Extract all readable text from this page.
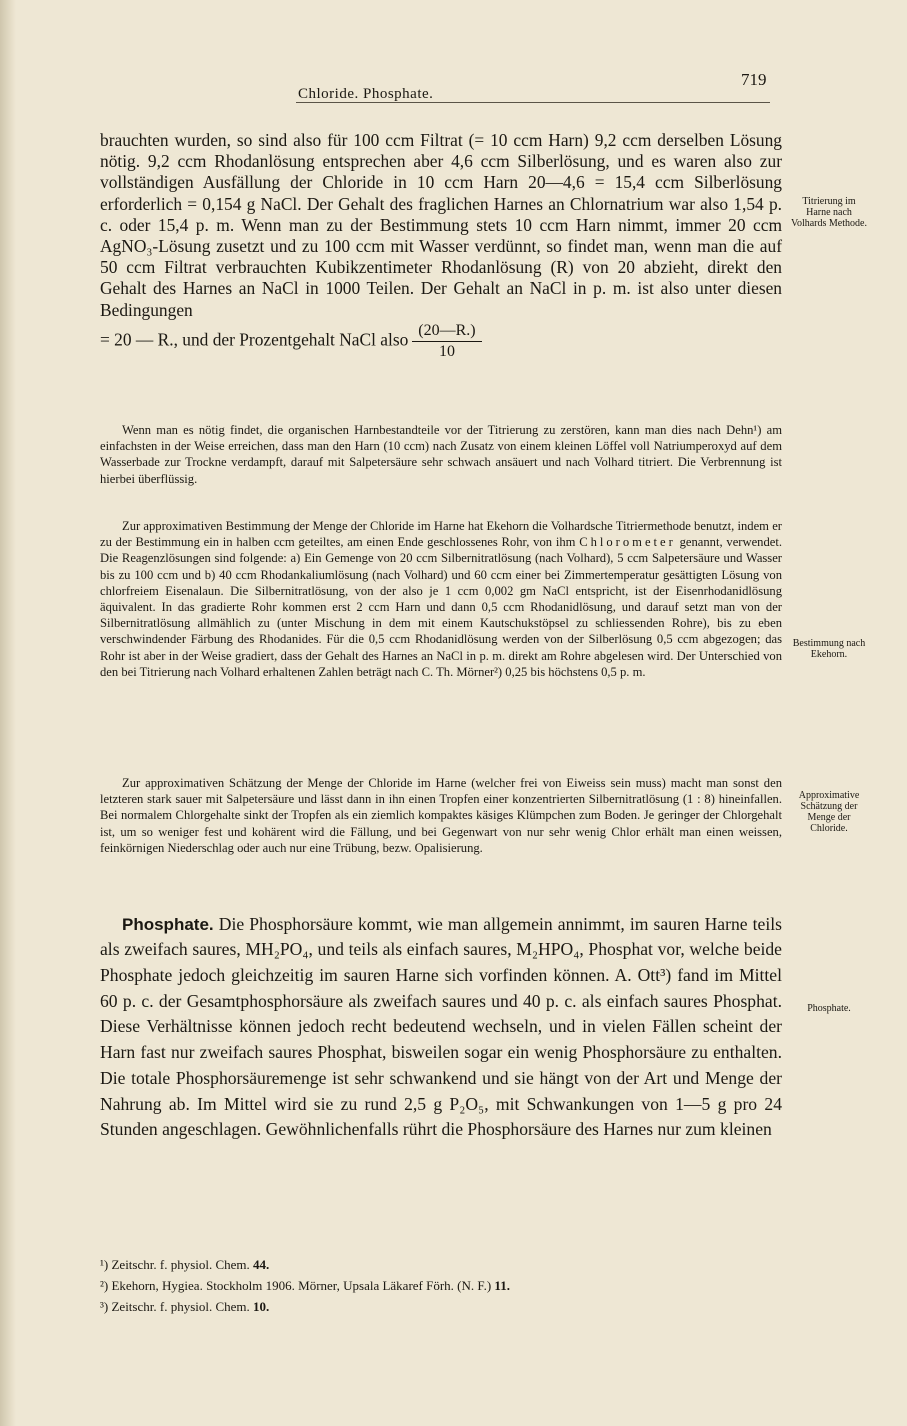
Chloride. Phosphate.
719

brauchten wurden, so sind also für 100 ccm Filtrat (= 10 ccm Harn) 9,2 ccm derselben Lösung nötig. 9,2 ccm Rhodanlösung entsprechen aber 4,6 ccm Silberlösung, und es waren also zur vollständigen Ausfällung der Chloride in 10 ccm Harn 20—4,6 = 15,4 ccm Silberlösung erforderlich = 0,154 g NaCl. Der Gehalt des fraglichen Harnes an Chlornatrium war also 1,54 p. c. oder 15,4 p. m. Wenn man zu der Bestimmung stets 10 ccm Harn nimmt, immer 20 ccm AgNO₃-Lösung zusetzt und zu 100 ccm mit Wasser verdünnt, so findet man, wenn man die auf 50 ccm Filtrat verbrauchten Kubikzentimeter Rhodanlösung (R) von 20 abzieht, direkt den Gehalt des Harnes an NaCl in 1000 Teilen. Der Gehalt an NaCl in p. m. ist also unter diesen Bedingungen

= 20 — R., und der Prozentgehalt NaCl also $\frac{(20—R.)}{10}$

Wenn man es nötig findet, die organischen Harnbestandteile vor der Titrierung zu zerstören, kann man dies nach Dehn¹) am einfachsten in der Weise erreichen, dass man den Harn (10 ccm) nach Zusatz von einem kleinen Löffel voll Natriumperoxyd auf dem Wasserbade zur Trockne verdampft, darauf mit Salpetersäure sehr schwach ansäuert und nach Volhard titriert. Die Verbrennung ist hierbei überflüssig.

Zur approximativen Bestimmung der Menge der Chloride im Harne hat Ekehorn die Volhardsche Titriermethode benutzt, indem er zu der Bestimmung ein in halben ccm geteiltes, am einen Ende geschlossenes Rohr, von ihm Chlorometer genannt, verwendet. Die Reagenzlösungen sind folgende: a) Ein Gemenge von 20 ccm Silbernitratlösung (nach Volhard), 5 ccm Salpetersäure und Wasser bis zu 100 ccm und b) 40 ccm Rhodankaliumlösung (nach Volhard) und 60 ccm einer bei Zimmertemperatur gesättigten Lösung von chlorfreiem Eisenalaun. Die Silbernitratlösung, von der also je 1 ccm 0,002 gm NaCl entspricht, ist der Eisenrhodanidlösung äquivalent. In das gradierte Rohr kommen erst 2 ccm Harn und dann 0,5 ccm Rhodanidlösung, und darauf setzt man von der Silbernitratlösung allmählich zu (unter Mischung in dem mit einem Kautschukstöpsel zu schliessenden Rohre), bis zu eben verschwindender Färbung des Rhodanides. Für die 0,5 ccm Rhodanidlösung werden von der Silberlösung 0,5 ccm abgezogen; das Rohr ist aber in der Weise gradiert, dass der Gehalt des Harnes an NaCl in p. m. direkt am Rohre abgelesen wird. Der Unterschied von den bei Titrierung nach Volhard erhaltenen Zahlen beträgt nach C. Th. Mörner²) 0,25 bis höchstens 0,5 p. m.

Zur approximativen Schätzung der Menge der Chloride im Harne (welcher frei von Eiweiss sein muss) macht man sonst den letzteren stark sauer mit Salpetersäure und lässt dann in ihn einen Tropfen einer konzentrierten Silbernitratlösung (1 : 8) hineinfallen. Bei normalem Chlorgehalte sinkt der Tropfen als ein ziemlich kompaktes käsiges Klümpchen zum Boden. Je geringer der Chlorgehalt ist, um so weniger fest und kohärent wird die Fällung, und bei Gegenwart von nur sehr wenig Chlor erhält man einen weissen, feinkörnigen Niederschlag oder auch nur eine Trübung, bezw. Opalisierung.

Phosphate. Die Phosphorsäure kommt, wie man allgemein annimmt, im sauren Harne teils als zweifach saures, MH₂PO₄, und teils als einfach saures, M₂HPO₄, Phosphat vor, welche beide Phosphate jedoch gleichzeitig im sauren Harne sich vorfinden können. A. Ott³) fand im Mittel 60 p. c. der Gesamtphosphorsäure als zweifach saures und 40 p. c. als einfach saures Phosphat. Diese Verhältnisse können jedoch recht bedeutend wechseln, und in vielen Fällen scheint der Harn fast nur zweifach saures Phosphat, bisweilen sogar ein wenig Phosphorsäure zu enthalten. Die totale Phosphorsäuremenge ist sehr schwankend und sie hängt von der Art und Menge der Nahrung ab. Im Mittel wird sie zu rund 2,5 g P₂O₅, mit Schwankungen von 1—5 g pro 24 Stunden angeschlagen. Gewöhnlichenfalls rührt die Phosphorsäure des Harnes nur zum kleinen

Titrierung im Harne nach Volhards Methode.
Bestimmung nach Ekehorn.
Approximative Schätzung der Menge der Chloride.
Phosphate.

¹) Zeitschr. f. physiol. Chem. 44.

²) Ekehorn, Hygiea. Stockholm 1906. Mörner, Upsala Läkaref Förh. (N. F.) 11.

³) Zeitschr. f. physiol. Chem. 10.
